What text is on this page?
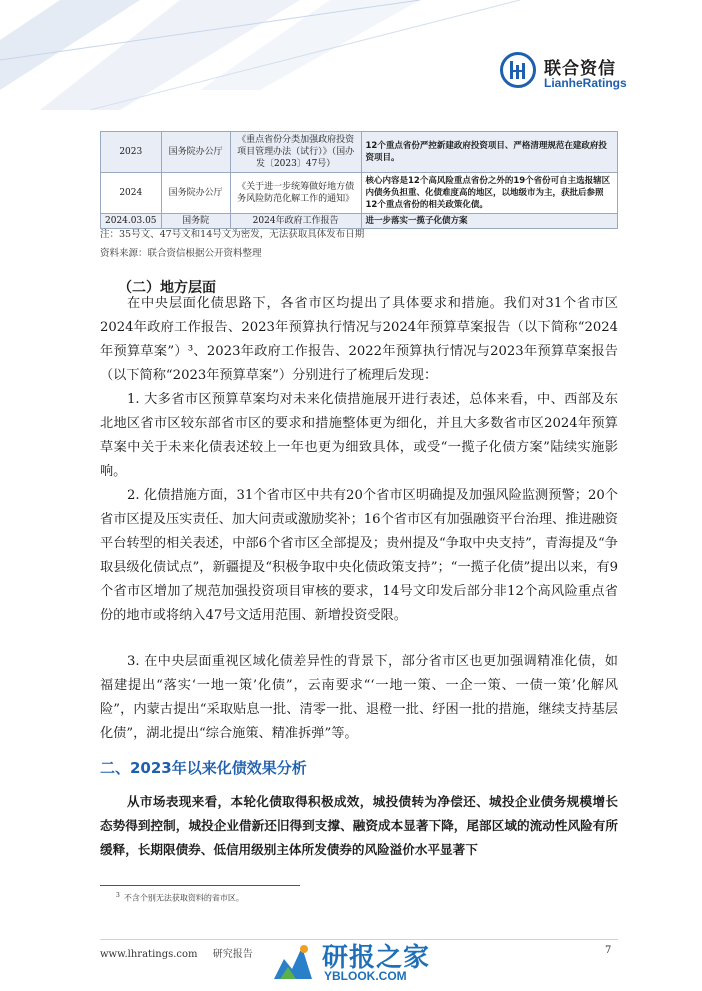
联合资信
LianheRatings
2023	国务院办公厅	《重点省份分类加强政府投资项目管理办法（试行）》（国办发〔2023〕47号）	12个重点省份严控新建政府投资项目、严格清理规范在建政府投资项目。
2024	国务院办公厅	《关于进一步统筹做好地方债务风险防范化解工作的通知》	核心内容是12个高风险重点省份之外的19个省份可自主选报辖区内债务负担重、化债难度高的地区，以地级市为主，获批后参照12个重点省份的相关政策化债。
2024.03.05	国务院	2024年政府工作报告	进一步落实一揽子化债方案
注：35号文、47号文和14号文为密发，无法获取具体发布日期
资料来源：联合资信根据公开资料整理
（二）地方层面

在中央层面化债思路下，各省市区均提出了具体要求和措施。我们对31个省市区2024年政府工作报告、2023年预算执行情况与2024年预算草案报告（以下简称“2024年预算草案”）³、2023年政府工作报告、2022年预算执行情况与2023年预算草案报告（以下简称“2023年预算草案”）分别进行了梳理后发现：

1. 大多省市区预算草案均对未来化债措施展开进行表述，总体来看，中、西部及东北地区省市区较东部省市区的要求和措施整体更为细化，并且大多数省市区2024年预算草案中关于未来化债表述较上一年也更为细致具体，或受“一揽子化债方案”陆续实施影响。

2. 化债措施方面，31个省市区中共有20个省市区明确提及加强风险监测预警；20个省市区提及压实责任、加大问责或激励奖补；16个省市区有加强融资平台治理、推进融资平台转型的相关表述，中部6个省市区全部提及；贵州提及“争取中央支持”，青海提及“争取县级化债试点”，新疆提及“积极争取中央化债政策支持”；“一揽子化债”提出以来，有9个省市区增加了规范加强投资项目审核的要求，14号文印发后部分非12个高风险重点省份的地市或将纳入47号文适用范围、新增投资受限。

3. 在中央层面重视区域化债差异性的背景下，部分省市区也更加强调精准化债，如福建提出“落实‘一地一策’化债”，云南要求“‘一地一策、一企一策、一债一策’化解风险”，内蒙古提出“采取贴息一批、清零一批、退橙一批、纾困一批的措施，继续支持基层化债”，湖北提出“综合施策、精准拆弹”等。

二、2023年以来化债效果分析

从市场表现来看，本轮化债取得积极成效，城投债转为净偿还、城投企业债务规模增长态势得到控制，城投企业借新还旧得到支撑、融资成本显著下降，尾部区域的流动性风险有所缓释，长期限债券、低信用级别主体所发债券的风险溢价水平显著下

$^3$ 不含个别无法获取资料的省市区。
www.lhratings.com 研究报告	7
研报之家
YBLOOK.COM
